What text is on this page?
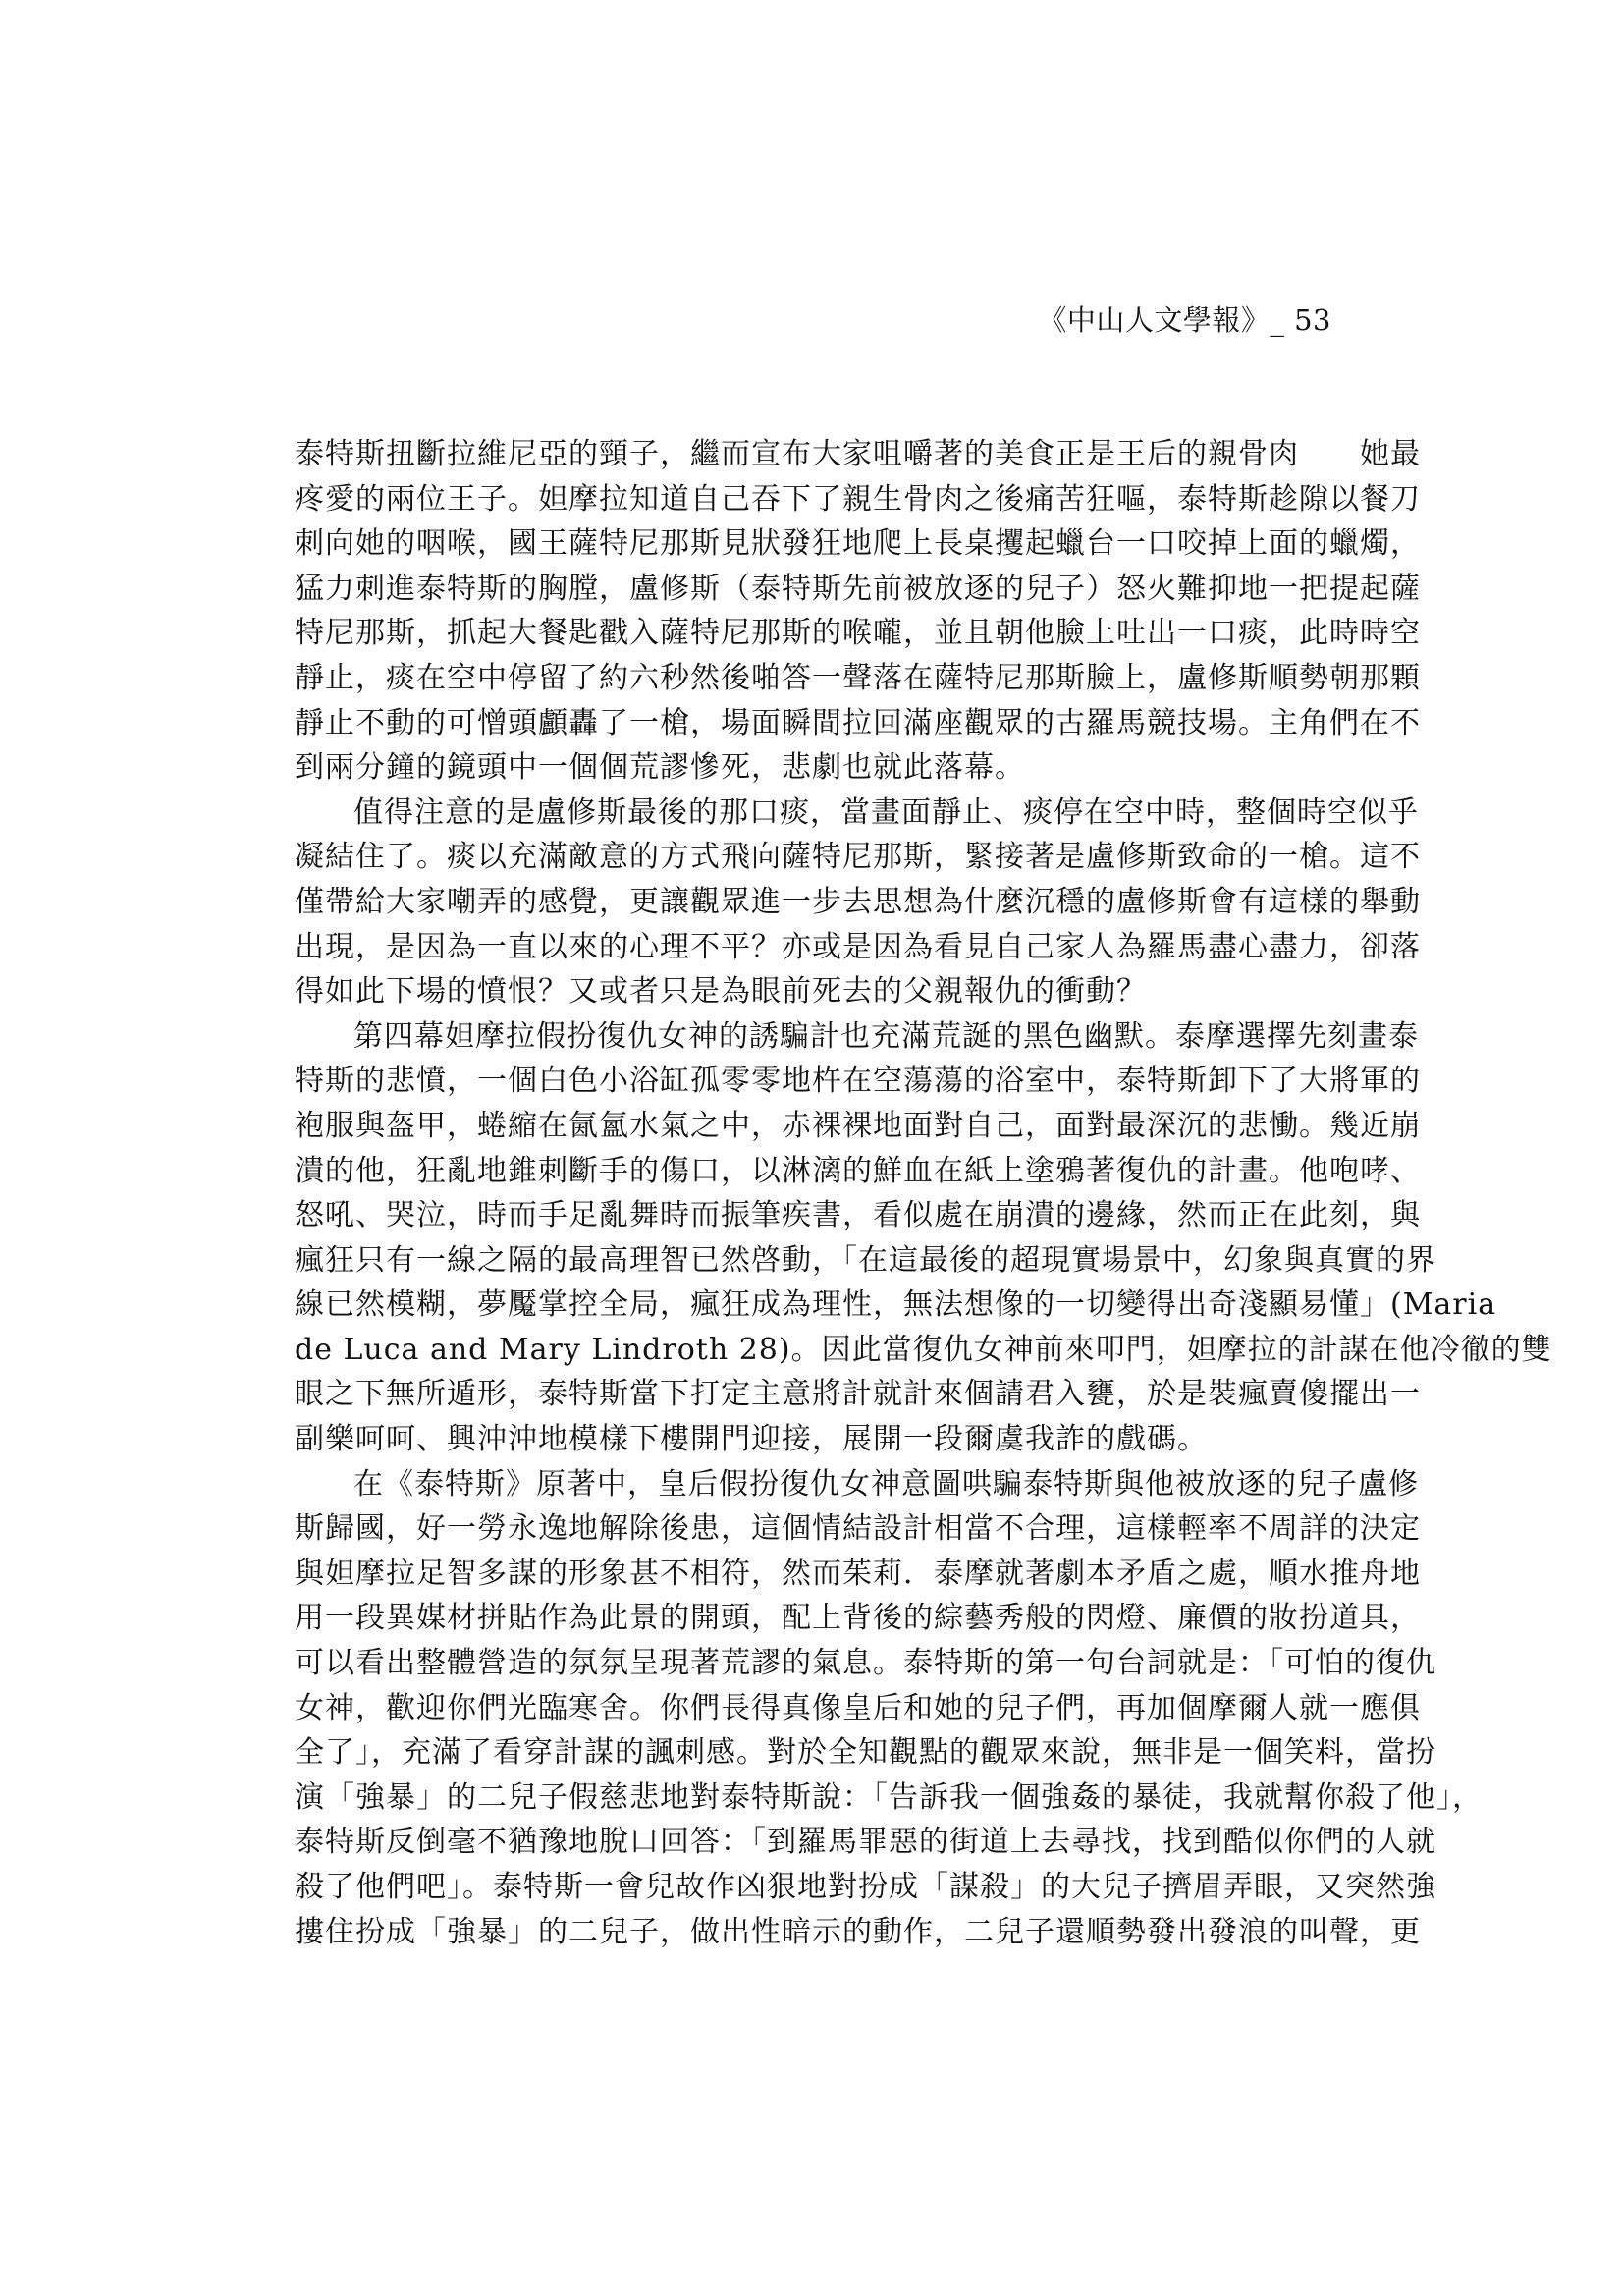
《中山人文學報》_ 53
泰特斯扭斷拉維尼亞的頸子，繼而宣布大家咀嚼著的美食正是王后的親骨肉　　她最
疼愛的兩位王子。妲摩拉知道自己吞下了親生骨肉之後痛苦狂嘔，泰特斯趁隙以餐刀
刺向她的咽喉，國王薩特尼那斯見狀發狂地爬上長桌攫起蠟台一口咬掉上面的蠟燭，
猛力刺進泰特斯的胸膛，盧修斯（泰特斯先前被放逐的兒子）怒火難抑地一把提起薩
特尼那斯，抓起大餐匙戳入薩特尼那斯的喉嚨，並且朝他臉上吐出一口痰，此時時空
靜止，痰在空中停留了約六秒然後啪答一聲落在薩特尼那斯臉上，盧修斯順勢朝那顆
靜止不動的可憎頭顱轟了一槍，場面瞬間拉回滿座觀眾的古羅馬競技場。主角們在不
到兩分鐘的鏡頭中一個個荒謬慘死，悲劇也就此落幕。
值得注意的是盧修斯最後的那口痰，當畫面靜止、痰停在空中時，整個時空似乎
凝結住了。痰以充滿敵意的方式飛向薩特尼那斯，緊接著是盧修斯致命的一槍。這不
僅帶給大家嘲弄的感覺，更讓觀眾進一步去思想為什麼沉穩的盧修斯會有這樣的舉動
出現，是因為一直以來的心理不平？亦或是因為看見自己家人為羅馬盡心盡力，卻落
得如此下場的憤恨？又或者只是為眼前死去的父親報仇的衝動？
第四幕妲摩拉假扮復仇女神的誘騙計也充滿荒誕的黑色幽默。泰摩選擇先刻畫泰
特斯的悲憤，一個白色小浴缸孤零零地杵在空蕩蕩的浴室中，泰特斯卸下了大將軍的
袍服與盔甲，蜷縮在氤氳水氣之中，赤裸裸地面對自己，面對最深沉的悲慟。幾近崩
潰的他，狂亂地錐刺斷手的傷口，以淋漓的鮮血在紙上塗鴉著復仇的計畫。他咆哮、
怒吼、哭泣，時而手足亂舞時而振筆疾書，看似處在崩潰的邊緣，然而正在此刻，與
瘋狂只有一線之隔的最高理智已然啓動，「在這最後的超現實場景中，幻象與真實的界
線已然模糊，夢魘掌控全局，瘋狂成為理性，無法想像的一切變得出奇淺顯易懂」(Maria
de Luca and Mary Lindroth 28)。因此當復仇女神前來叩門，妲摩拉的計謀在他冷徹的雙
眼之下無所遁形，泰特斯當下打定主意將計就計來個請君入甕，於是裝瘋賣傻擺出一
副樂呵呵、興沖沖地模樣下樓開門迎接，展開一段爾虞我詐的戲碼。
在《泰特斯》原著中，皇后假扮復仇女神意圖哄騙泰特斯與他被放逐的兒子盧修
斯歸國，好一勞永逸地解除後患，這個情結設計相當不合理，這樣輕率不周詳的決定
與妲摩拉足智多謀的形象甚不相符，然而茱莉．泰摩就著劇本矛盾之處，順水推舟地
用一段異媒材拼貼作為此景的開頭，配上背後的綜藝秀般的閃燈、廉價的妝扮道具，
可以看出整體營造的氛氛呈現著荒謬的氣息。泰特斯的第一句台詞就是：「可怕的復仇
女神，歡迎你們光臨寒舍。你們長得真像皇后和她的兒子們，再加個摩爾人就一應俱
全了」，充滿了看穿計謀的諷刺感。對於全知觀點的觀眾來說，無非是一個笑料，當扮
演「強暴」的二兒子假慈悲地對泰特斯說：「告訴我一個強姦的暴徒，我就幫你殺了他」，
泰特斯反倒毫不猶豫地脫口回答：「到羅馬罪惡的街道上去尋找，找到酷似你們的人就
殺了他們吧」。泰特斯一會兒故作凶狠地對扮成「謀殺」的大兒子擠眉弄眼，又突然強
摟住扮成「強暴」的二兒子，做出性暗示的動作，二兒子還順勢發出發浪的叫聲，更
